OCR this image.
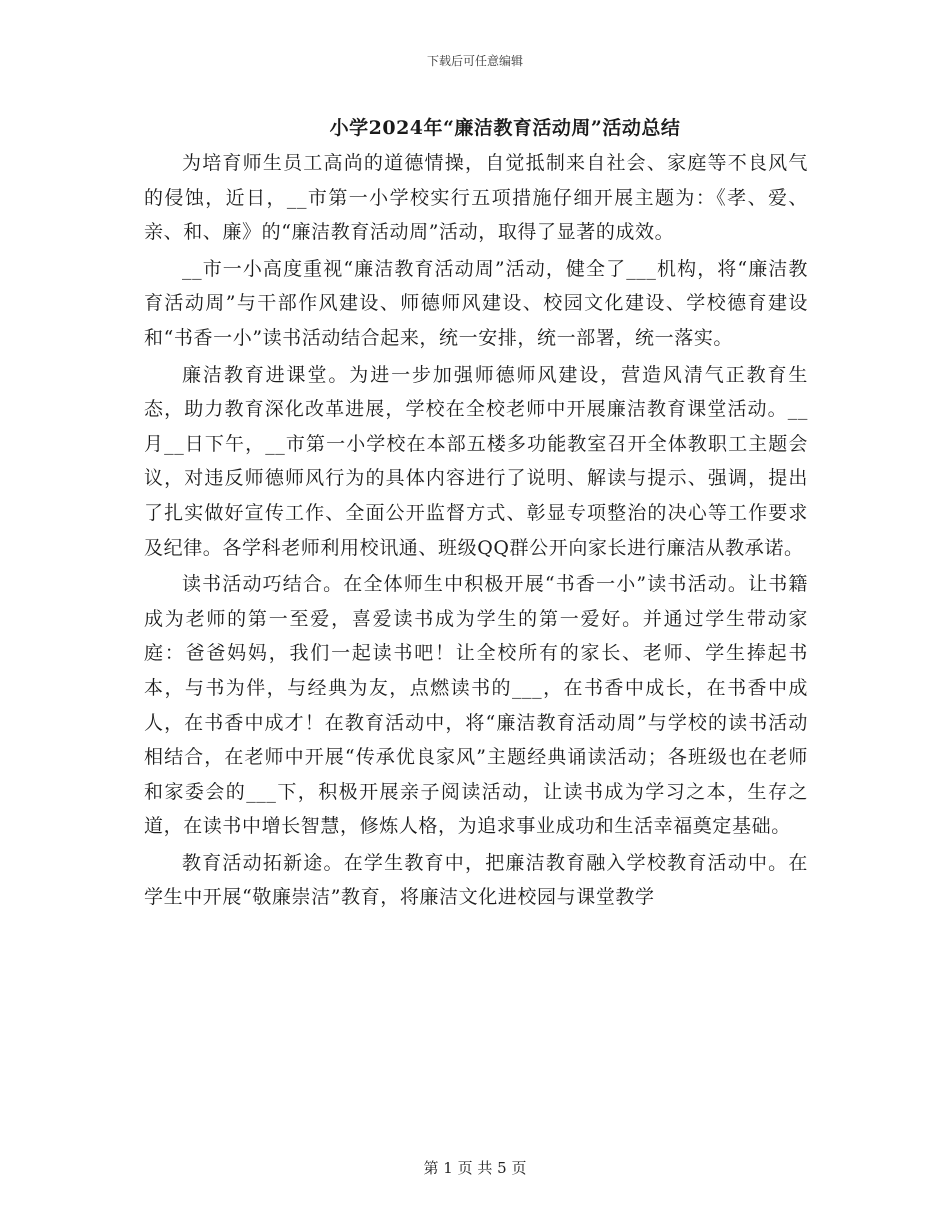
下载后可任意编辑
小学2024年“廉洁教育活动周”活动总结

为培育师生员工高尚的道德情操，自觉抵制来自社会、家庭等不良风气的侵蚀，近日，__市第一小学校实行五项措施仔细开展主题为：《孝、爱、亲、和、廉》的“廉洁教育活动周”活动，取得了显著的成效。

__市一小高度重视“廉洁教育活动周”活动，健全了___机构，将“廉洁教育活动周”与干部作风建设、师德师风建设、校园文化建设、学校德育建设和“书香一小”读书活动结合起来，统一安排，统一部署，统一落实。

廉洁教育进课堂。为进一步加强师德师风建设，营造风清气正教育生态，助力教育深化改革进展，学校在全校老师中开展廉洁教育课堂活动。__月__日下午，__市第一小学校在本部五楼多功能教室召开全体教职工主题会议，对违反师德师风行为的具体内容进行了说明、解读与提示、强调，提出了扎实做好宣传工作、全面公开监督方式、彰显专项整治的决心等工作要求及纪律。各学科老师利用校讯通、班级QQ群公开向家长进行廉洁从教承诺。

读书活动巧结合。在全体师生中积极开展“书香一小”读书活动。让书籍成为老师的第一至爱，喜爱读书成为学生的第一爱好。并通过学生带动家庭：爸爸妈妈，我们一起读书吧！让全校所有的家长、老师、学生捧起书本，与书为伴，与经典为友，点燃读书的___，在书香中成长，在书香中成人，在书香中成才！在教育活动中，将“廉洁教育活动周”与学校的读书活动相结合，在老师中开展“传承优良家风”主题经典诵读活动；各班级也在老师和家委会的___下，积极开展亲子阅读活动，让读书成为学习之本，生存之道，在读书中增长智慧，修炼人格，为追求事业成功和生活幸福奠定基础。

教育活动拓新途。在学生教育中，把廉洁教育融入学校教育活动中。在学生中开展“敬廉崇洁”教育，将廉洁文化进校园与课堂教学

第 1 页 共 5 页
